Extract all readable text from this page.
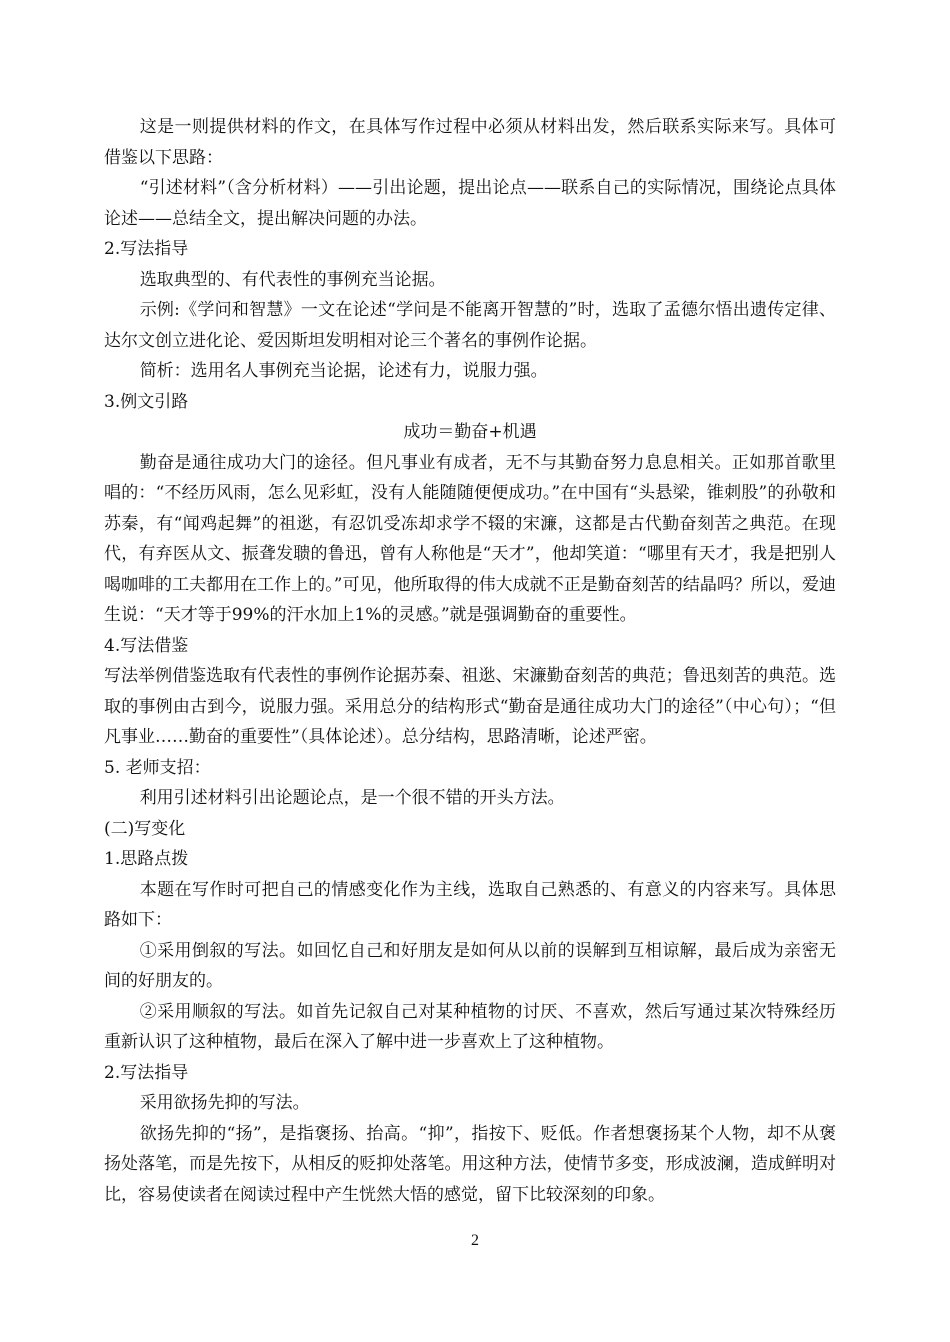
这是一则提供材料的作文，在具体写作过程中必须从材料出发，然后联系实际来写。具体可借鉴以下思路：

“引述材料”（含分析材料）——引出论题，提出论点——联系自己的实际情况，围绕论点具体论述——总结全文，提出解决问题的办法。

2.写法指导

选取典型的、有代表性的事例充当论据。

示例:《学问和智慧》一文在论述“学问是不能离开智慧的”时，选取了孟德尔悟出遗传定律、达尔文创立进化论、爱因斯坦发明相对论三个著名的事例作论据。

简析：选用名人事例充当论据，论述有力，说服力强。

3.例文引路

成功＝勤奋+机遇

勤奋是通往成功大门的途径。但凡事业有成者，无不与其勤奋努力息息相关。正如那首歌里唱的：“不经历风雨，怎么见彩虹，没有人能随随便便成功。”在中国有“头悬梁，锥刺股”的孙敬和苏秦，有“闻鸡起舞”的祖逖，有忍饥受冻却求学不辍的宋濂，这都是古代勤奋刻苦之典范。在现代，有弃医从文、振聋发聩的鲁迅，曾有人称他是“天才”，他却笑道：“哪里有天才，我是把别人喝咖啡的工夫都用在工作上的。”可见，他所取得的伟大成就不正是勤奋刻苦的结晶吗？所以，爱迪生说：“天才等于99%的汗水加上1%的灵感。”就是强调勤奋的重要性。

4.写法借鉴

写法举例借鉴选取有代表性的事例作论据苏秦、祖逖、宋濂勤奋刻苦的典范；鲁迅刻苦的典范。选取的事例由古到今，说服力强。采用总分的结构形式“勤奋是通往成功大门的途径”（中心句）；“但凡事业……勤奋的重要性”（具体论述）。总分结构，思路清晰，论述严密。

5. 老师支招：

利用引述材料引出论题论点，是一个很不错的开头方法。

(二)写变化

1.思路点拨

本题在写作时可把自己的情感变化作为主线，选取自己熟悉的、有意义的内容来写。具体思路如下：

①采用倒叙的写法。如回忆自己和好朋友是如何从以前的误解到互相谅解，最后成为亲密无间的好朋友的。

②采用顺叙的写法。如首先记叙自己对某种植物的讨厌、不喜欢，然后写通过某次特殊经历重新认识了这种植物，最后在深入了解中进一步喜欢上了这种植物。

2.写法指导

采用欲扬先抑的写法。

欲扬先抑的“扬”，是指褒扬、抬高。“抑”，指按下、贬低。作者想褒扬某个人物，却不从褒扬处落笔，而是先按下，从相反的贬抑处落笔。用这种方法，使情节多变，形成波澜，造成鲜明对比，容易使读者在阅读过程中产生恍然大悟的感觉，留下比较深刻的印象。

2
